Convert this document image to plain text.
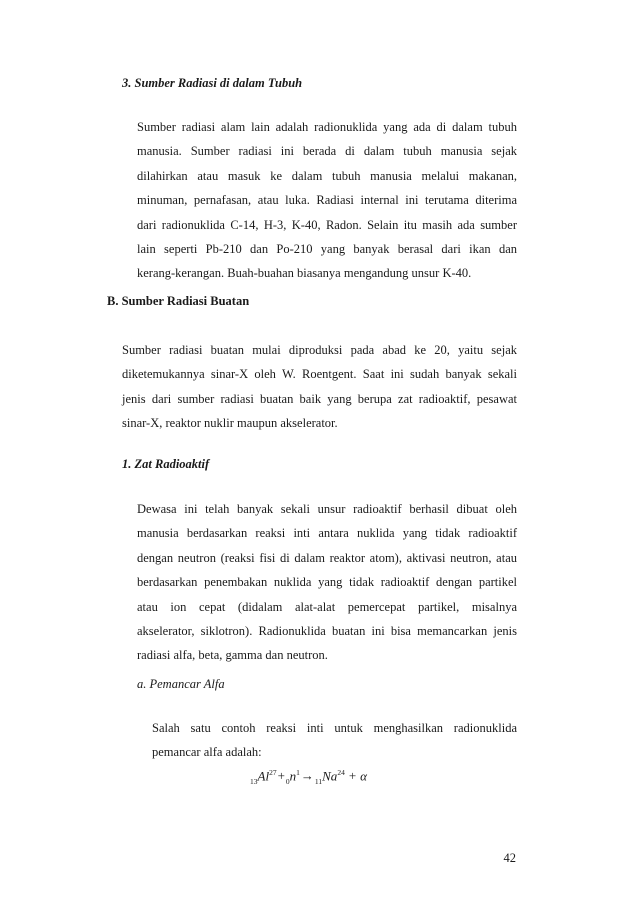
3. Sumber Radiasi di dalam Tubuh
Sumber radiasi alam lain adalah radionuklida yang ada di dalam tubuh
manusia. Sumber radiasi ini berada di dalam tubuh manusia sejak
dilahirkan atau masuk ke dalam tubuh manusia melalui makanan,
minuman, pernafasan, atau luka. Radiasi internal ini terutama diterima
dari radionuklida C-14, H-3, K-40, Radon. Selain itu masih ada sumber
lain seperti Pb-210 dan Po-210 yang banyak berasal dari ikan dan
kerang-kerangan. Buah-buahan biasanya mengandung unsur K-40.
B. Sumber Radiasi Buatan
Sumber radiasi buatan mulai diproduksi pada abad ke 20, yaitu sejak
diketemukannya sinar-X oleh W. Roentgent. Saat ini sudah banyak sekali
jenis dari sumber radiasi buatan baik yang berupa zat radioaktif, pesawat
sinar-X, reaktor nuklir maupun akselerator.
1. Zat Radioaktif
Dewasa ini telah banyak sekali unsur radioaktif berhasil dibuat oleh
manusia berdasarkan reaksi inti antara nuklida yang tidak radioaktif
dengan neutron (reaksi fisi di dalam reaktor atom), aktivasi neutron, atau
berdasarkan penembakan nuklida yang tidak radioaktif dengan partikel
atau ion cepat (didalam alat-alat pemercepat partikel, misalnya
akselerator, siklotron). Radionuklida buatan ini bisa memancarkan jenis
radiasi alfa, beta, gamma dan neutron.
a. Pemancar Alfa
Salah satu contoh reaksi inti untuk menghasilkan radionuklida
pemancar alfa adalah:
$_{13}Al^{27}+_0n^1\to_{11}Na^{24} + \alpha$
42
